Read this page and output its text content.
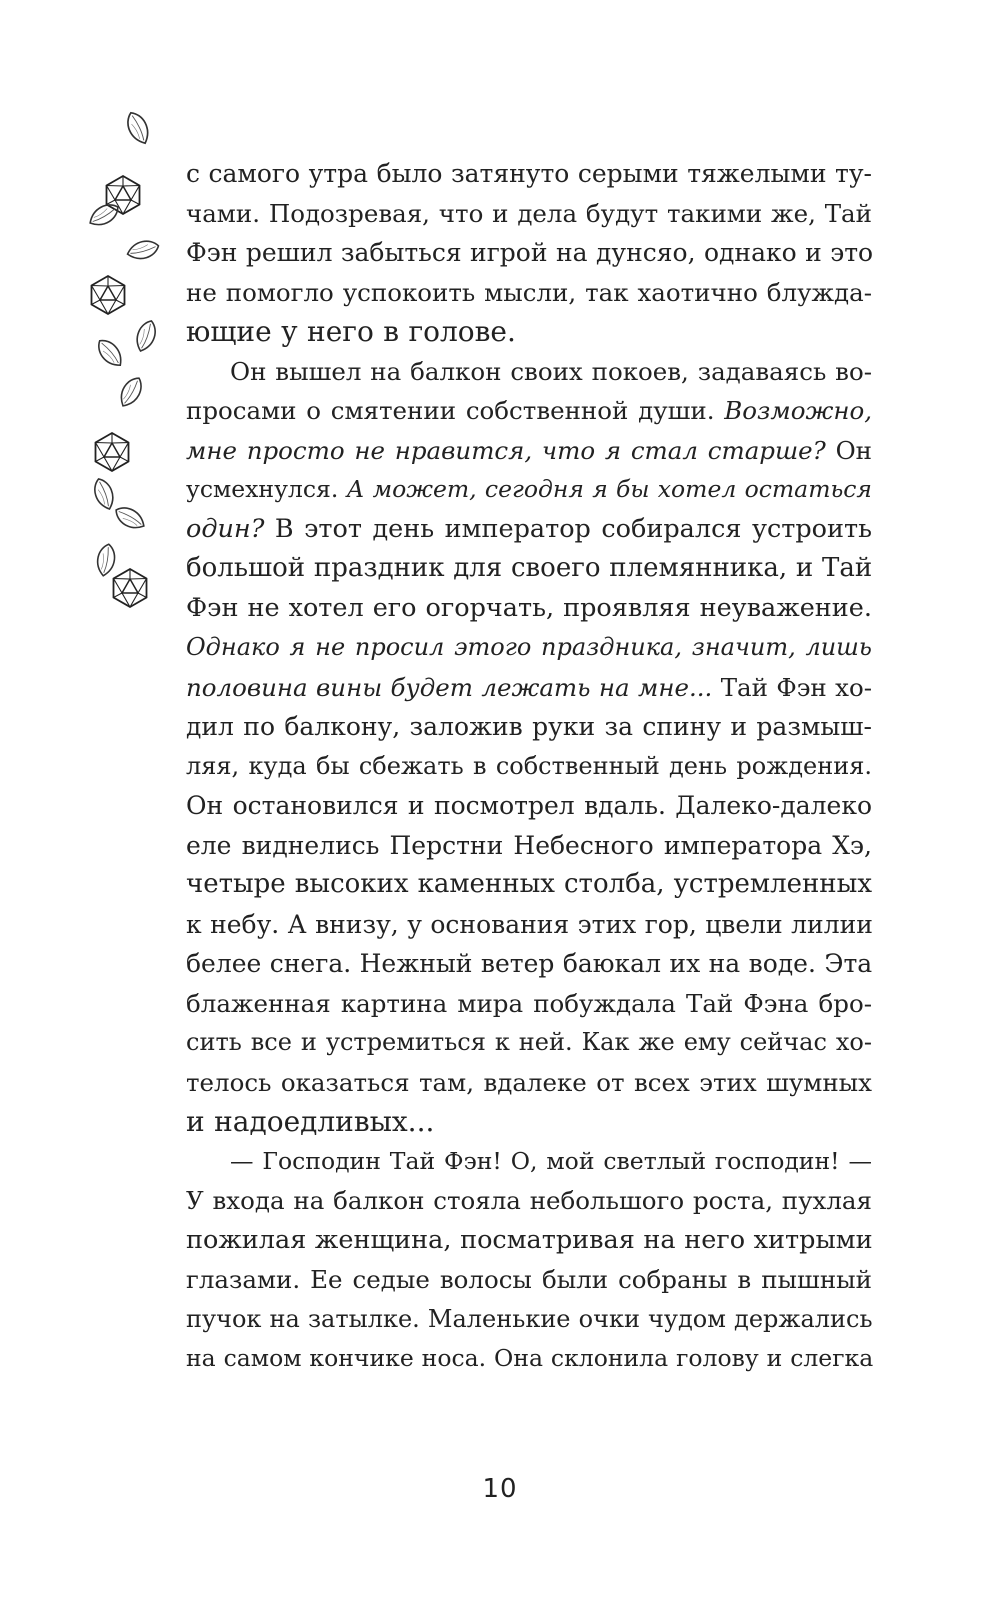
с самого утра было затянуто серыми тяжелыми ту-
чами. Подозревая, что и дела будут такими же, Тай
Фэн решил забыться игрой на дунсяо, однако и это
не помогло успокоить мысли, так хаотично блужда-
ющие у него в голове.
Он вышел на балкон своих покоев, задаваясь во-
просами о смятении собственной души. Возможно,
мне просто не нравится, что я стал старше? Он
усмехнулся. А может, сегодня я бы хотел остаться
один? В этот день император собирался устроить
большой праздник для своего племянника, и Тай
Фэн не хотел его огорчать, проявляя неуважение.
Однако я не просил этого праздника, значит, лишь
половина вины будет лежать на мне... Тай Фэн хо-
дил по балкону, заложив руки за спину и размыш-
ляя, куда бы сбежать в собственный день рождения.
Он остановился и посмотрел вдаль. Далеко-далеко
еле виднелись Перстни Небесного императора Хэ,
четыре высоких каменных столба, устремленных
к небу. А внизу, у основания этих гор, цвели лилии
белее снега. Нежный ветер баюкал их на воде. Эта
блаженная картина мира побуждала Тай Фэна бро-
сить все и устремиться к ней. Как же ему сейчас хо-
телось оказаться там, вдалеке от всех этих шумных
и надоедливых...
— Господин Тай Фэн! О, мой светлый господин! —
У входа на балкон стояла небольшого роста, пухлая
пожилая женщина, посматривая на него хитрыми
глазами. Ее седые волосы были собраны в пышный
пучок на затылке. Маленькие очки чудом держались
на самом кончике носа. Она склонила голову и слегка
10
